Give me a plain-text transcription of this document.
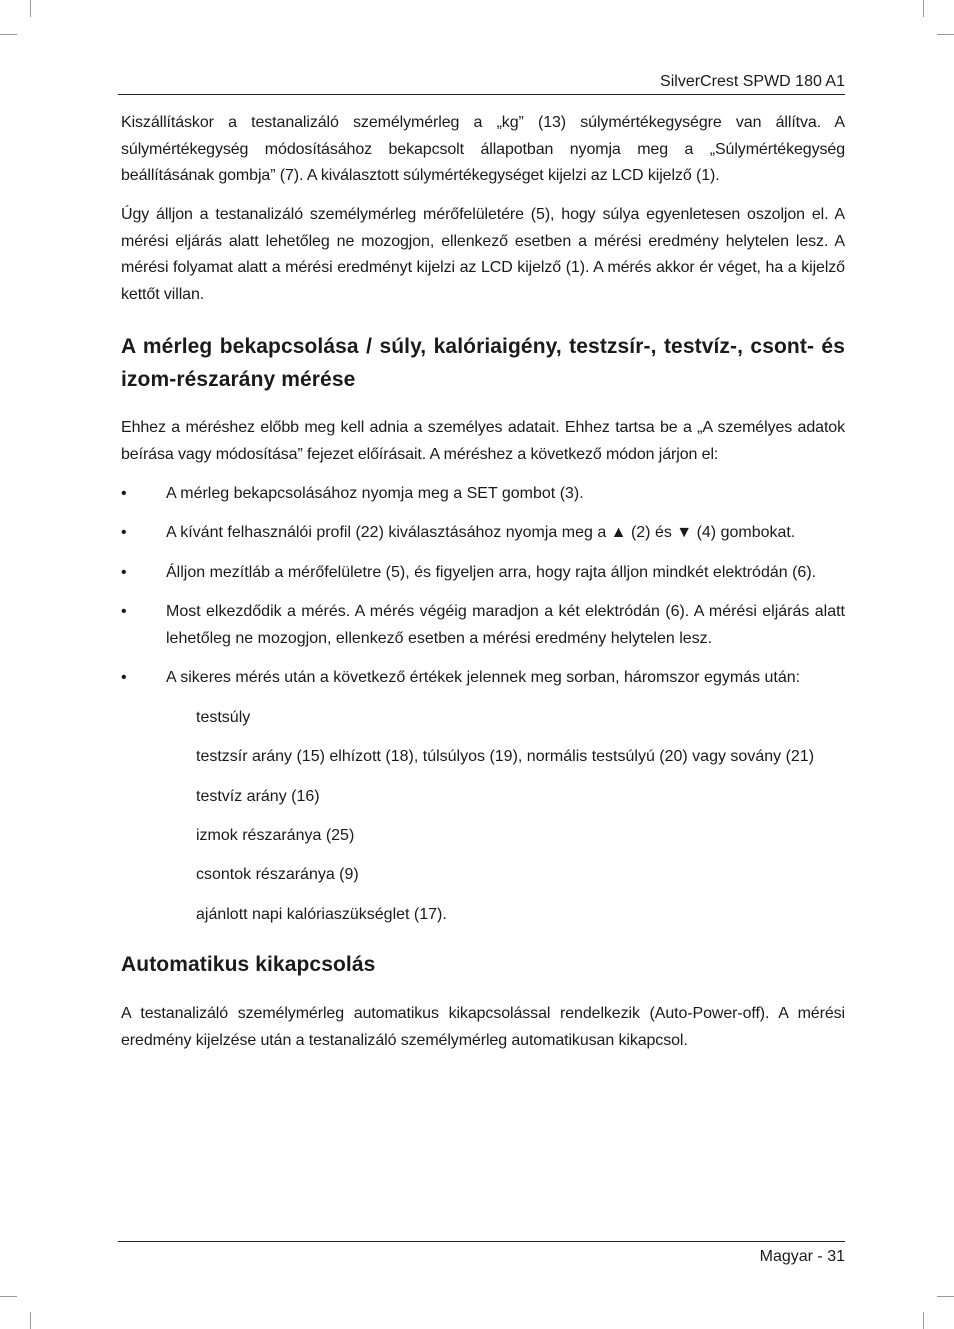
SilverCrest SPWD 180 A1

Kiszállításkor a testanalizáló személymérleg a „kg” (13) súlymértékegységre van állítva. A súlymértékegység módosításához bekapcsolt állapotban nyomja meg a „Súlymértékegység beállításának gombja” (7). A kiválasztott súlymértékegységet kijelzi az LCD kijelző (1).

Úgy álljon a testanalizáló személymérleg mérőfelületére (5), hogy súlya egyenletesen oszoljon el. A mérési eljárás alatt lehetőleg ne mozogjon, ellenkező esetben a mérési eredmény helytelen lesz. A mérési folyamat alatt a mérési eredményt kijelzi az LCD kijelző (1). A mérés akkor ér véget, ha a kijelző kettőt villan.

A mérleg bekapcsolása / súly, kalóriaigény, testzsír-, testvíz-, csont- és izom-részarány mérése

Ehhez a méréshez előbb meg kell adnia a személyes adatait. Ehhez tartsa be a „A személyes adatok beírása vagy módosítása” fejezet előírásait. A méréshez a következő módon járjon el:

• A mérleg bekapcsolásához nyomja meg a SET gombot (3).

• A kívánt felhasználói profil (22) kiválasztásához nyomja meg a ▲ (2) és ▼ (4) gombokat.

• Álljon mezítláb a mérőfelületre (5), és figyeljen arra, hogy rajta álljon mindkét elektródán (6).

• Most elkezdődik a mérés. A mérés végéig maradjon a két elektródán (6). A mérési eljárás alatt lehetőleg ne mozogjon, ellenkező esetben a mérési eredmény helytelen lesz.

• A sikeres mérés után a következő értékek jelennek meg sorban, háromszor egymás után:

testsúly
testzsír arány (15) elhízott (18), túlsúlyos (19), normális testsúlyú (20) vagy sovány (21)
testvíz arány (16)
izmok részaránya (25)
csontok részaránya (9)
ajánlott napi kalóriaszükséglet (17).
Automatikus kikapcsolás

A testanalizáló személymérleg automatikus kikapcsolással rendelkezik (Auto-Power-off). A mérési eredmény kijelzése után a testanalizáló személymérleg automatikusan kikapcsol.

Magyar - 31
